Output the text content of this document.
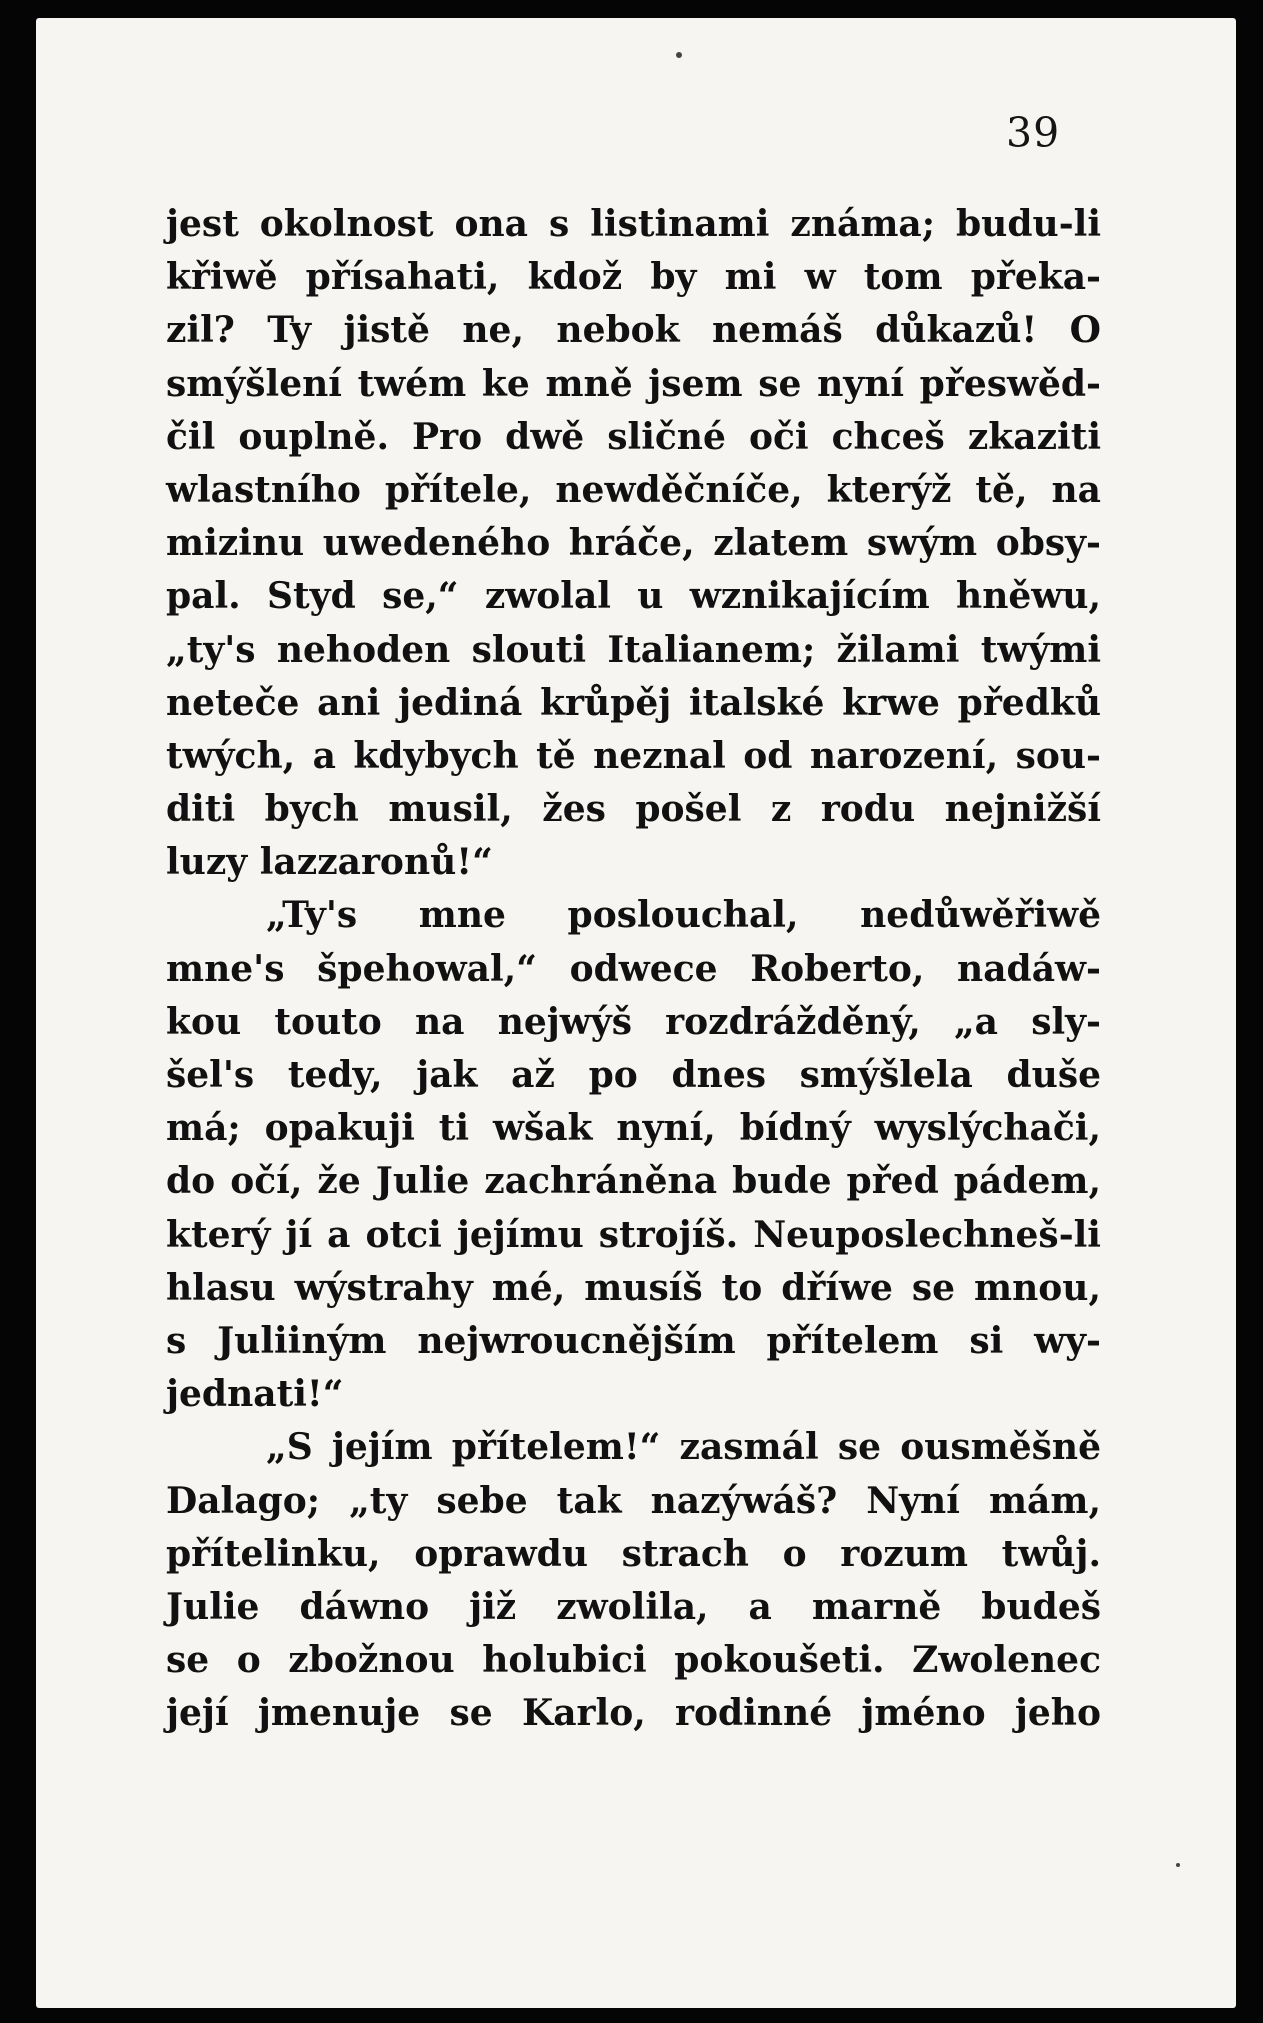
39
jest okolnost ona s listinami známa; budu-li
křiwě přísahati, kdož by mi w tom překa-
zil? Ty jistě ne, nebok nemáš důkazů! O
smýšlení twém ke mně jsem se nyní přeswěd-
čil ouplně. Pro dwě sličné oči chceš zkaziti
wlastního přítele, newděčníče, kterýž tě, na
mizinu uwedeného hráče, zlatem swým obsy-
pal. Styd se,“ zwolal u wznikajícím hněwu,
„ty's nehoden slouti Italianem; žilami twými
neteče ani jediná krůpěj italské krwe předků
twých, a kdybych tě neznal od narození, sou-
diti bych musil, žes pošel z rodu nejnižší
luzy lazzaronů!“
„Ty's mne poslouchal, nedůwěřiwě
mne's špehowal,“ odwece Roberto, nadáw-
kou touto na nejwýš rozdrážděný, „a sly-
šel's tedy, jak až po dnes smýšlela duše
má; opakuji ti wšak nyní, bídný wyslýchači,
do očí, že Julie zachráněna bude před pádem,
který jí a otci jejímu strojíš. Neuposlechneš-li
hlasu wýstrahy mé, musíš to dříwe se mnou,
s Juliiným nejwroucnějším přítelem si wy-
jednati!“
„S jejím přítelem!“ zasmál se ousměšně
Dalago; „ty sebe tak nazýwáš? Nyní mám,
přítelinku, oprawdu strach o rozum twůj.
Julie dáwno již zwolila, a marně budeš
se o zbožnou holubici pokoušeti. Zwolenec
její jmenuje se Karlo, rodinné jméno jeho
